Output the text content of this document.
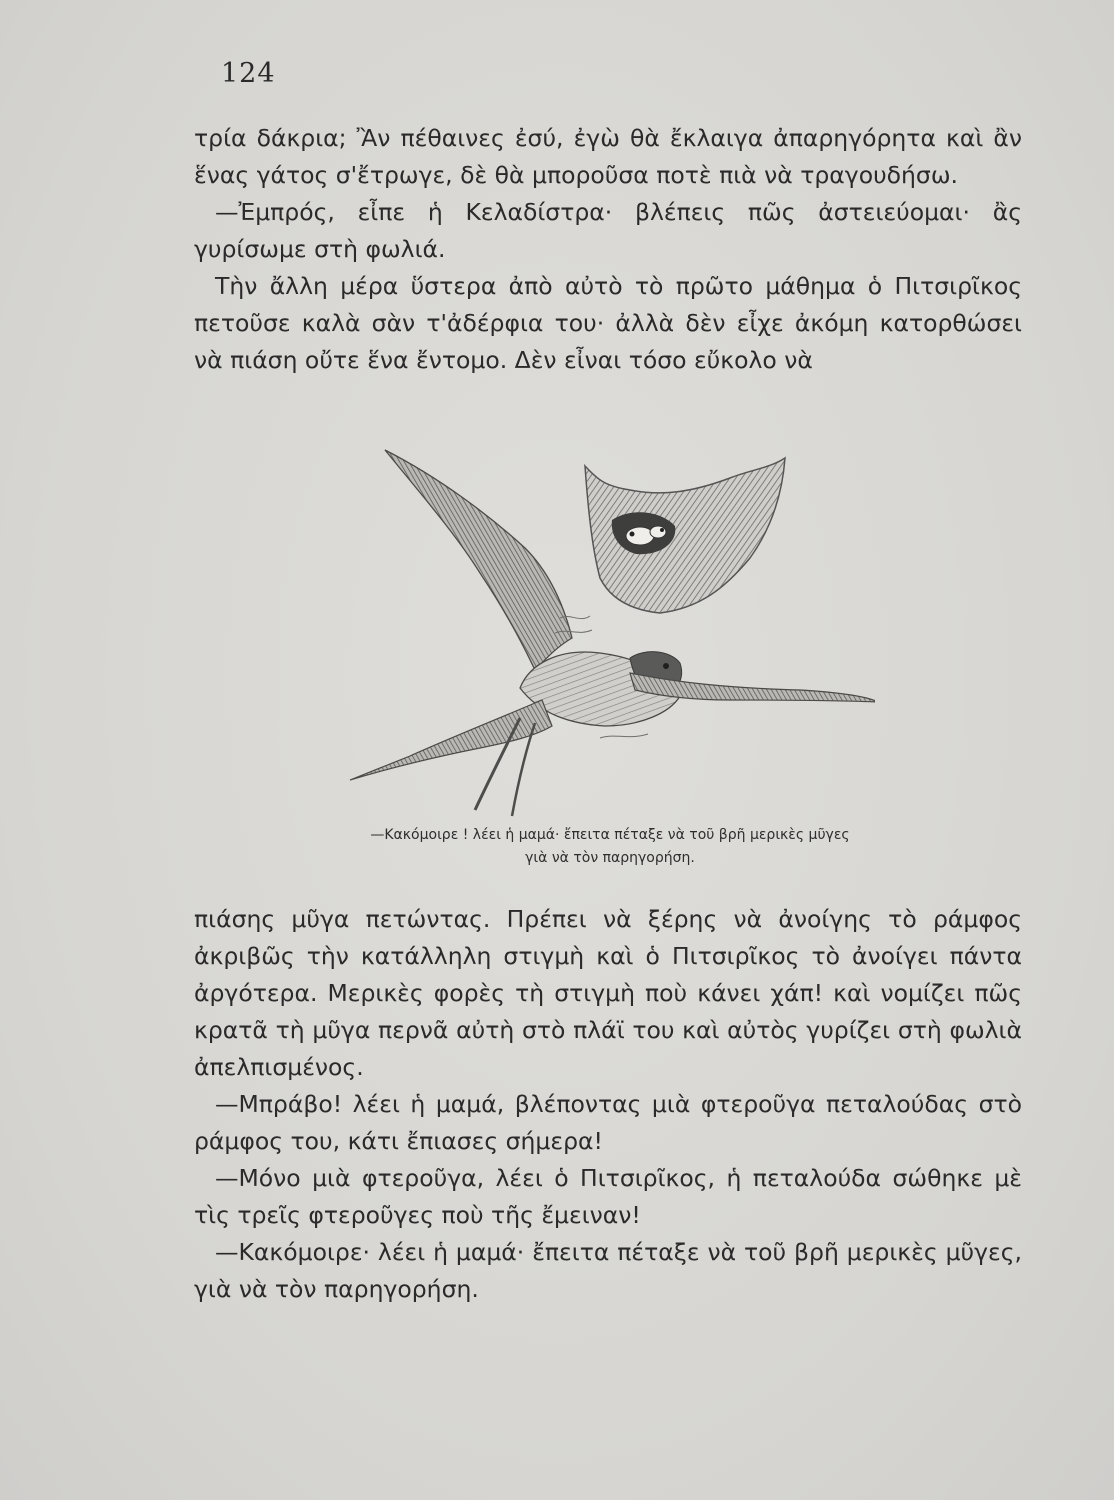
124

τρία δάκρια; Ἂν πέθαινες ἐσύ, ἐγὼ θὰ ἔκλαιγα ἀπαρηγόρητα καὶ ἂν ἕνας γάτος σ'ἔτρωγε, δὲ θὰ μποροῦσα ποτὲ πιὰ νὰ τραγουδήσω.

—Ἐμπρός, εἶπε ἡ Κελαδίστρα· βλέπεις πῶς ἀστειεύομαι· ἂς γυρίσωμε στὴ φωλιά.

Τὴν ἄλλη μέρα ὕστερα ἀπὸ αὐτὸ τὸ πρῶτο μάθημα ὁ Πιτσιρῖκος πετοῦσε καλὰ σὰν τ'ἀδέρφια του· ἀλλὰ δὲν εἶχε ἀκόμη κατορθώσει νὰ πιάση οὔτε ἕνα ἔντομο. Δὲν εἶναι τόσο εὔκολο νὰ

—Κακόμοιρε ! λέει ἡ μαμά· ἔπειτα πέταξε νὰ τοῦ βρῆ μερικὲς μῦγες
γιὰ νὰ τὸν παρηγορήση.

πιάσης μῦγα πετώντας. Πρέπει νὰ ξέρης νὰ ἀνοίγης τὸ ράμφος ἀκριβῶς τὴν κατάλληλη στιγμὴ καὶ ὁ Πιτσιρῖκος τὸ ἀνοίγει πάντα ἀργότερα. Μερικὲς φορὲς τὴ στιγμὴ ποὺ κάνει χάπ! καὶ νομίζει πῶς κρατᾶ τὴ μῦγα περνᾶ αὐτὴ στὸ πλάϊ του καὶ αὐτὸς γυρίζει στὴ φωλιὰ ἀπελπισμένος.

—Μπράβο! λέει ἡ μαμά, βλέποντας μιὰ φτεροῦγα πεταλούδας στὸ ράμφος του, κάτι ἔπιασες σήμερα!

—Μόνο μιὰ φτεροῦγα, λέει ὁ Πιτσιρῖκος, ἡ πεταλούδα σώθηκε μὲ τὶς τρεῖς φτεροῦγες ποὺ τῆς ἔμειναν!

—Κακόμοιρε· λέει ἡ μαμά· ἔπειτα πέταξε νὰ τοῦ βρῆ μερικὲς μῦγες, γιὰ νὰ τὸν παρηγορήση.
